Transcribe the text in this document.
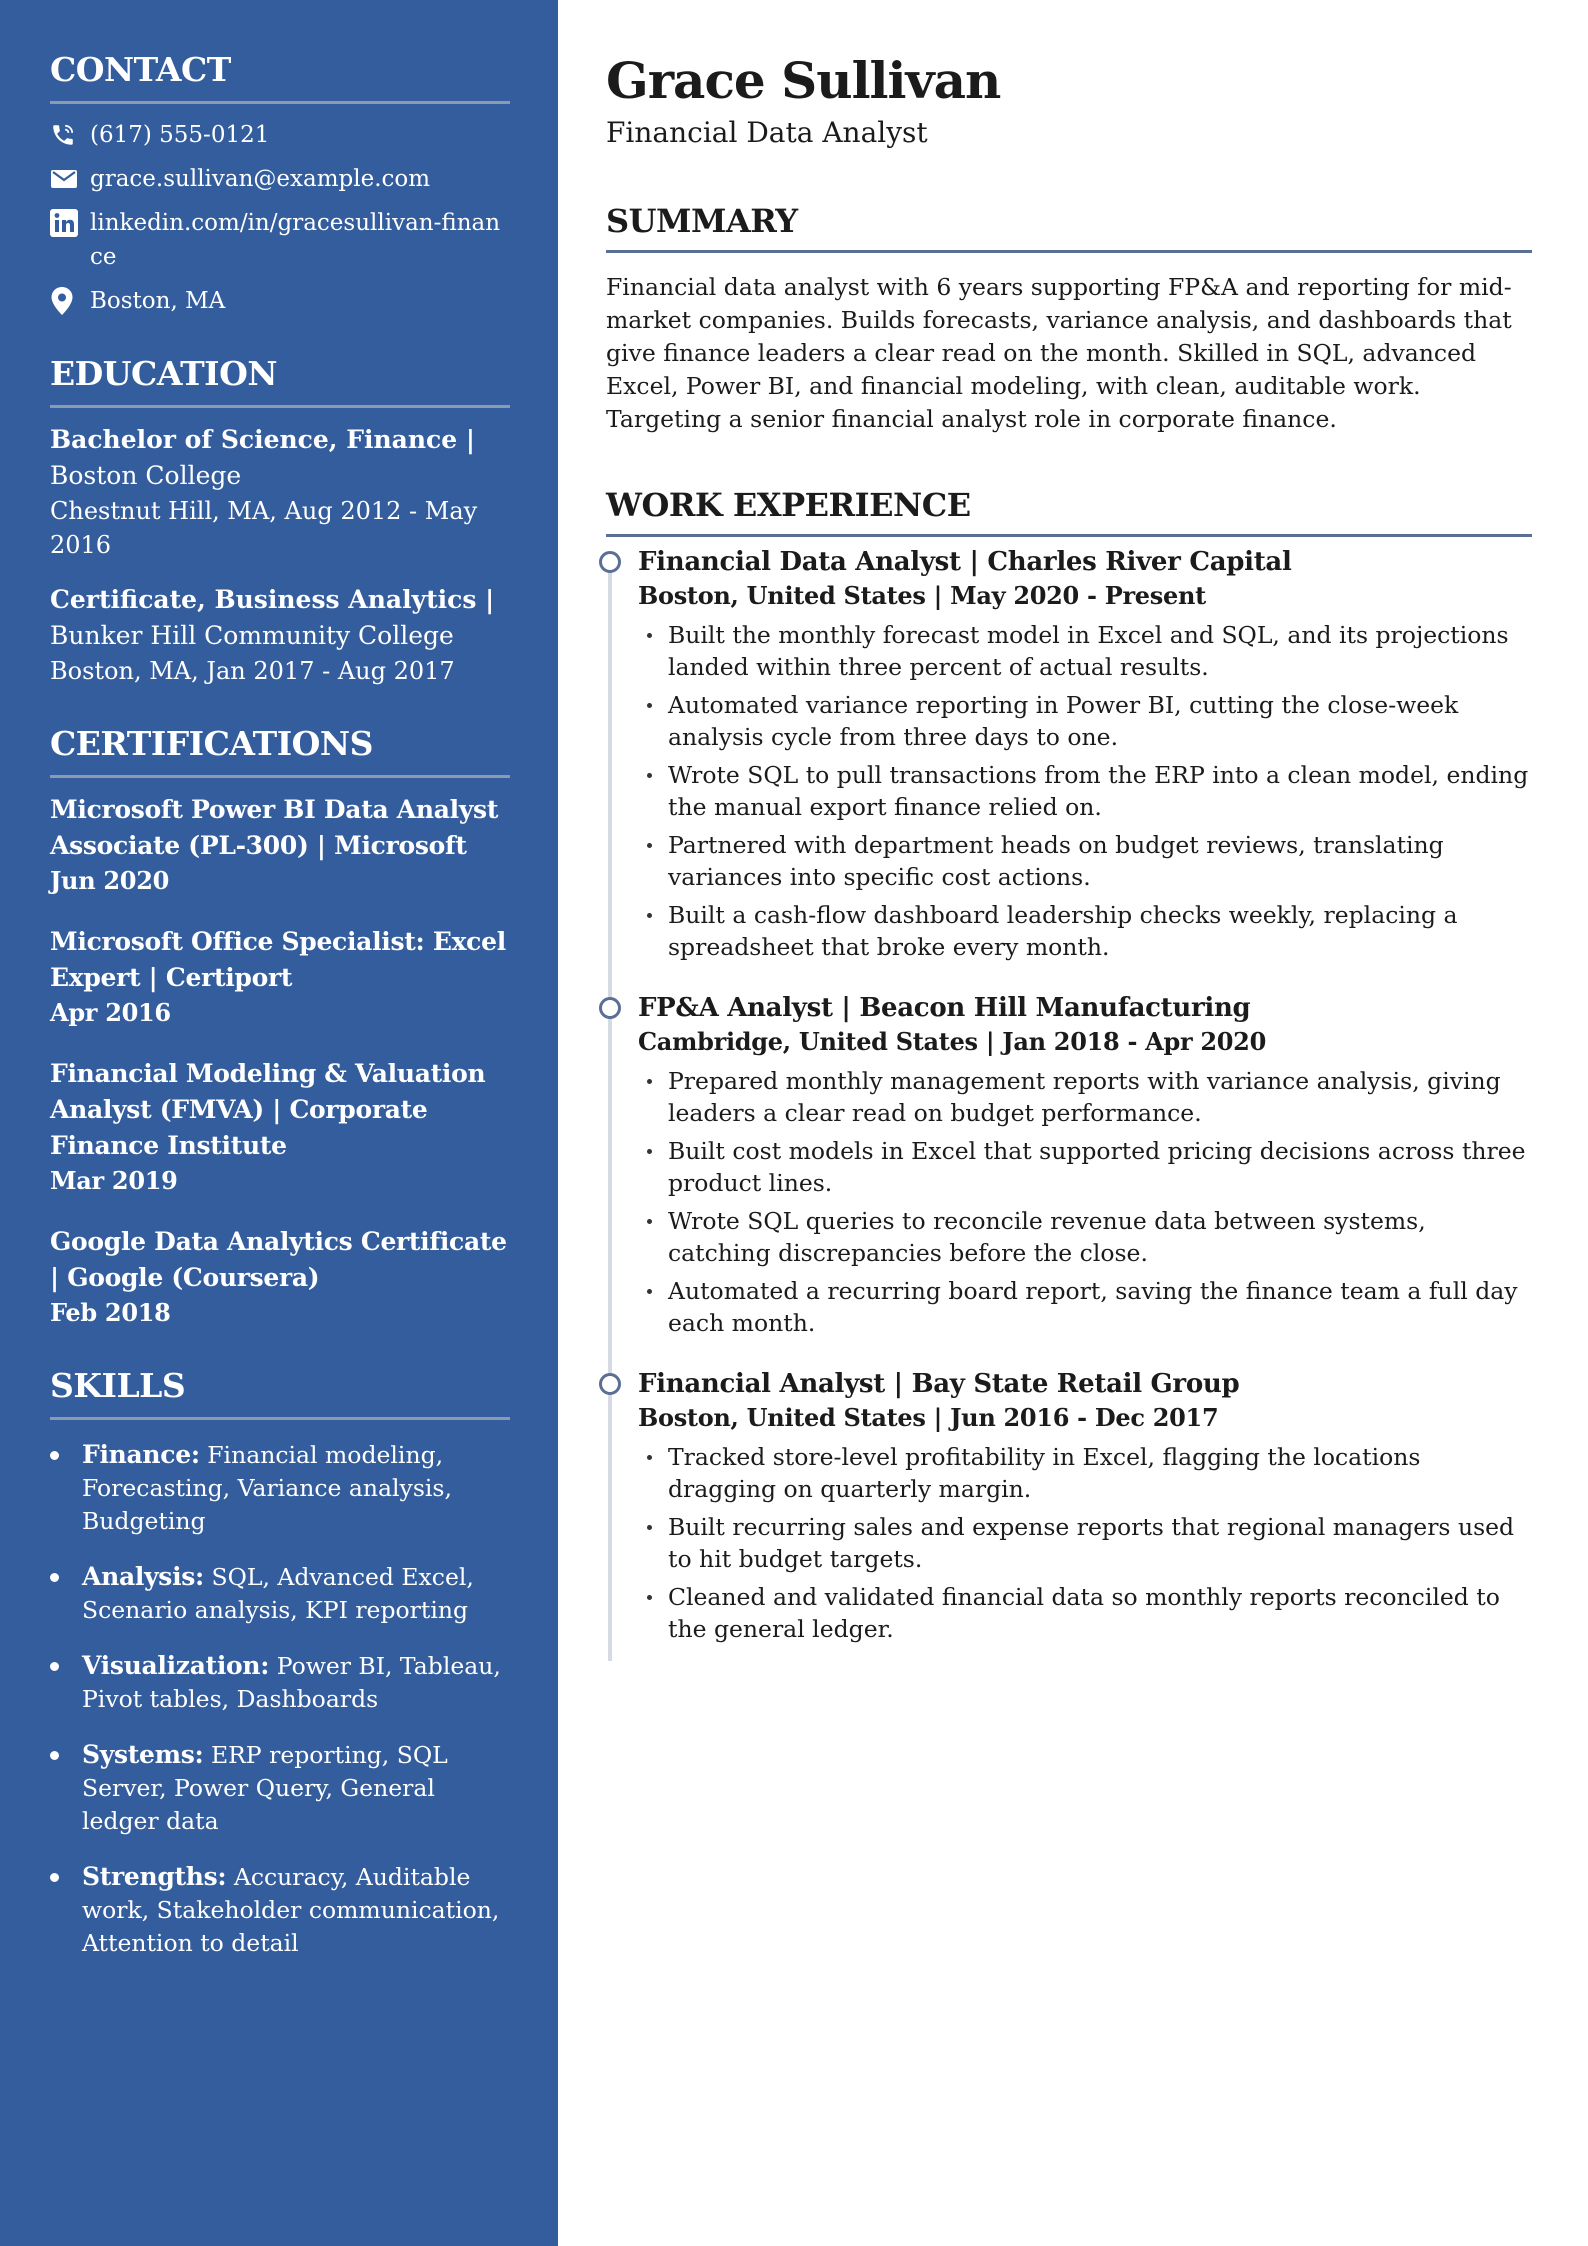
CONTACT
(617) 555-0121
grace.sullivan@example.com
linkedin.com/in/gracesullivan-finance
Boston, MA
EDUCATION
Bachelor of Science, Finance | Boston College
Chestnut Hill, MA, Aug 2012 - May 2016
Certificate, Business Analytics | Bunker Hill Community College
Boston, MA, Jan 2017 - Aug 2017
CERTIFICATIONS
Microsoft Power BI Data Analyst Associate (PL-300) | Microsoft
Jun 2020
Microsoft Office Specialist: Excel Expert | Certiport
Apr 2016
Financial Modeling & Valuation Analyst (FMVA) | Corporate Finance Institute
Mar 2019
Google Data Analytics Certificate | Google (Coursera)
Feb 2018
SKILLS
Finance: Financial modeling, Forecasting, Variance analysis, Budgeting
Analysis: SQL, Advanced Excel, Scenario analysis, KPI reporting
Visualization: Power BI, Tableau, Pivot tables, Dashboards
Systems: ERP reporting, SQL Server, Power Query, General ledger data
Strengths: Accuracy, Auditable work, Stakeholder communication, Attention to detail
Grace Sullivan
Financial Data Analyst
SUMMARY

Financial data analyst with 6 years supporting FP&A and reporting for mid-market companies. Builds forecasts, variance analysis, and dashboards that give finance leaders a clear read on the month. Skilled in SQL, advanced Excel, Power BI, and financial modeling, with clean, auditable work. Targeting a senior financial analyst role in corporate finance.

WORK EXPERIENCE
Financial Data Analyst | Charles River Capital
Boston, United States | May 2020 - Present
Built the monthly forecast model in Excel and SQL, and its projections landed within three percent of actual results.
Automated variance reporting in Power BI, cutting the close-week analysis cycle from three days to one.
Wrote SQL to pull transactions from the ERP into a clean model, ending the manual export finance relied on.
Partnered with department heads on budget reviews, translating variances into specific cost actions.
Built a cash-flow dashboard leadership checks weekly, replacing a spreadsheet that broke every month.
FP&A Analyst | Beacon Hill Manufacturing
Cambridge, United States | Jan 2018 - Apr 2020
Prepared monthly management reports with variance analysis, giving leaders a clear read on budget performance.
Built cost models in Excel that supported pricing decisions across three product lines.
Wrote SQL queries to reconcile revenue data between systems, catching discrepancies before the close.
Automated a recurring board report, saving the finance team a full day each month.
Financial Analyst | Bay State Retail Group
Boston, United States | Jun 2016 - Dec 2017
Tracked store-level profitability in Excel, flagging the locations dragging on quarterly margin.
Built recurring sales and expense reports that regional managers used to hit budget targets.
Cleaned and validated financial data so monthly reports reconciled to the general ledger.
